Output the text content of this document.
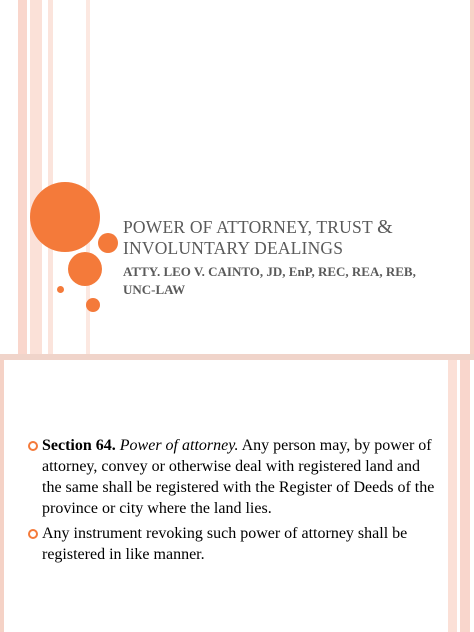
POWER OF ATTORNEY, TRUST &
INVOLUNTARY DEALINGS

ATTY. LEO V. CAINTO, JD, EnP, REC, REA, REB,
UNC-LAW

Section 64. Power of attorney. Any person may, by power of attorney, convey or otherwise deal with registered land and the same shall be registered with the Register of Deeds of the province or city where the land lies.
Any instrument revoking such power of attorney shall be registered in like manner.
